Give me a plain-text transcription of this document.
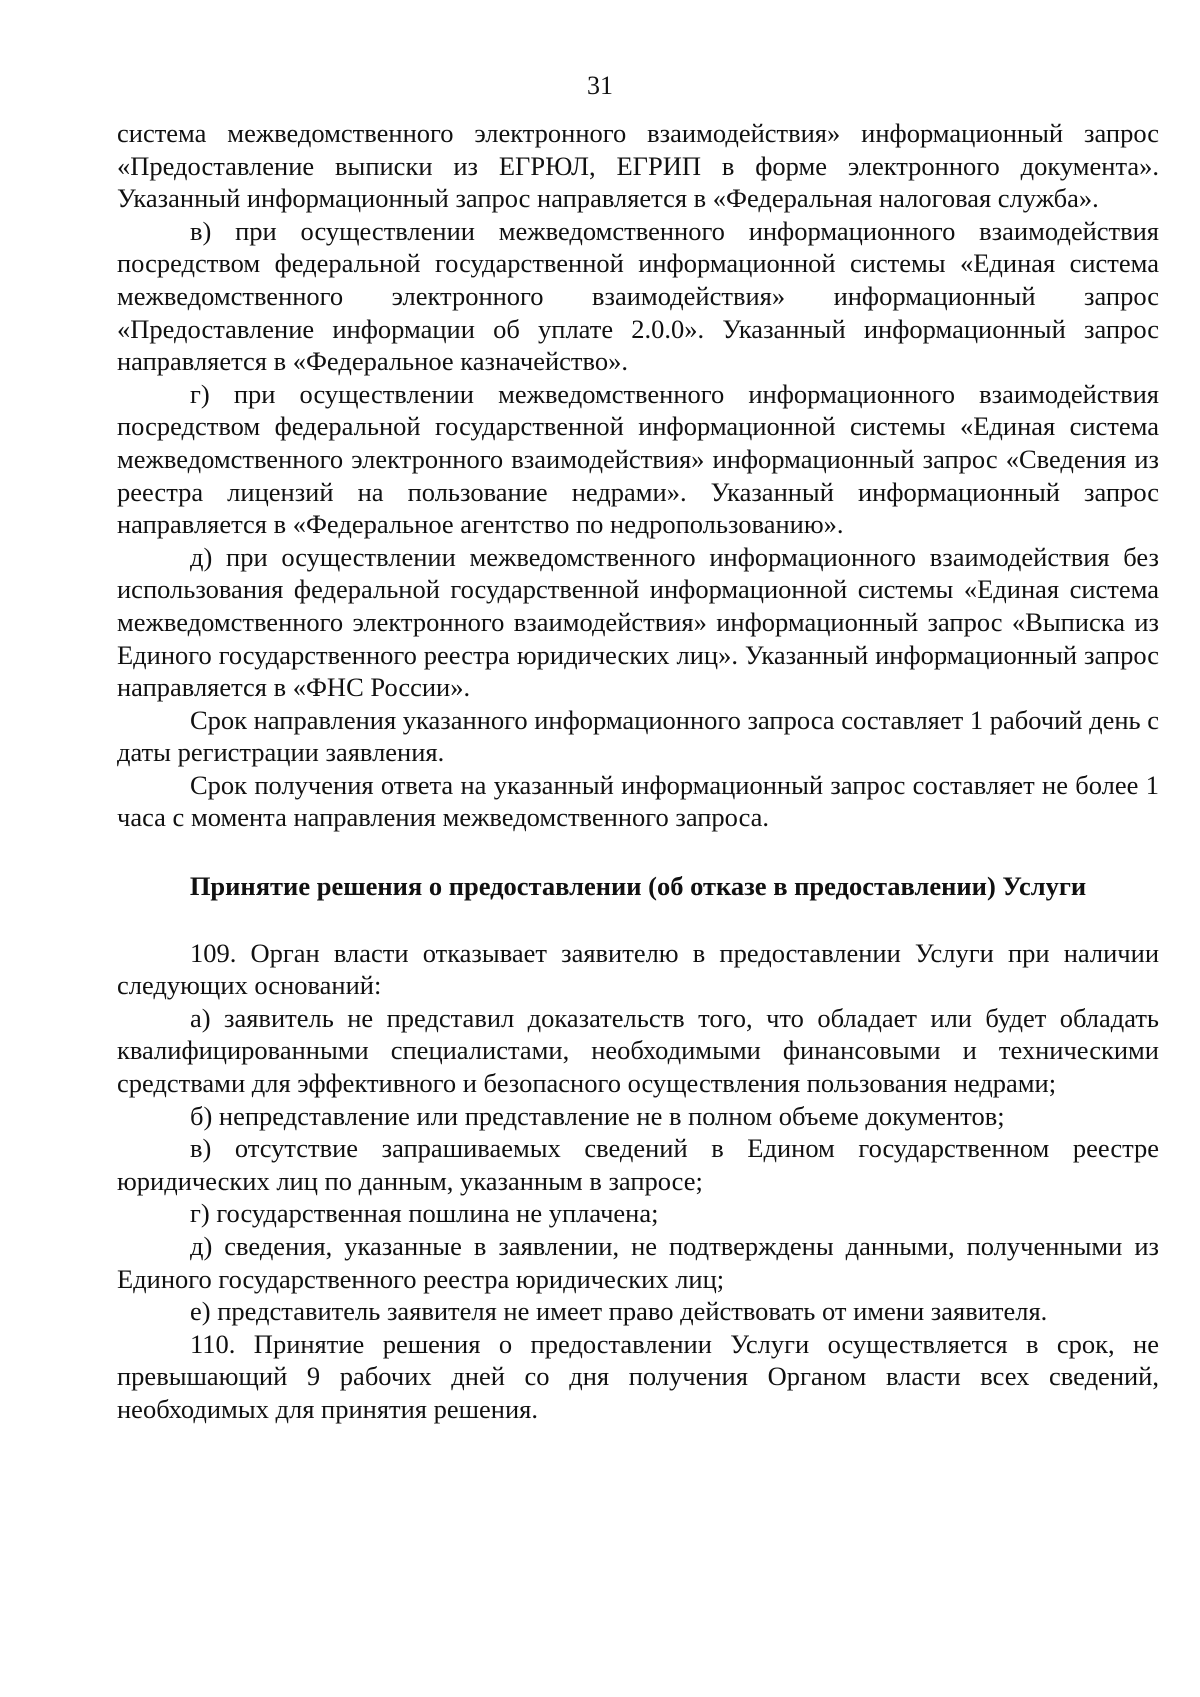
31

система межведомственного электронного взаимодействия» информационный запрос «Предоставление выписки из ЕГРЮЛ, ЕГРИП в форме электронного документа». Указанный информационный запрос направляется в «Федеральная налоговая служба».

в) при осуществлении межведомственного информационного взаимодействия посредством федеральной государственной информационной системы «Единая система межведомственного электронного взаимодействия» информационный запрос «Предоставление информации об уплате 2.0.0». Указанный информационный запрос направляется в «Федеральное казначейство».

г) при осуществлении межведомственного информационного взаимодействия посредством федеральной государственной информационной системы «Единая система межведомственного электронного взаимодействия» информационный запрос «Сведения из реестра лицензий на пользование недрами». Указанный информационный запрос направляется в «Федеральное агентство по недропользованию».

д) при осуществлении межведомственного информационного взаимодействия без использования федеральной государственной информационной системы «Единая система межведомственного электронного взаимодействия» информационный запрос «Выписка из Единого государственного реестра юридических лиц». Указанный информационный запрос направляется в «ФНС России».

Срок направления указанного информационного запроса составляет 1 рабочий день с даты регистрации заявления.

Срок получения ответа на указанный информационный запрос составляет не более 1 часа с момента направления межведомственного запроса.

Принятие решения о предоставлении (об отказе в предоставлении) Услуги

109. Орган власти отказывает заявителю в предоставлении Услуги при наличии следующих оснований:

а) заявитель не представил доказательств того, что обладает или будет обладать квалифицированными специалистами, необходимыми финансовыми и техническими средствами для эффективного и безопасного осуществления пользования недрами;

б) непредставление или представление не в полном объеме документов;

в) отсутствие запрашиваемых сведений в Едином государственном реестре юридических лиц по данным, указанным в запросе;

г) государственная пошлина не уплачена;

д) сведения, указанные в заявлении, не подтверждены данными, полученными из Единого государственного реестра юридических лиц;

е) представитель заявителя не имеет право действовать от имени заявителя.

110. Принятие решения о предоставлении Услуги осуществляется в срок, не превышающий 9 рабочих дней со дня получения Органом власти всех сведений, необходимых для принятия решения.
